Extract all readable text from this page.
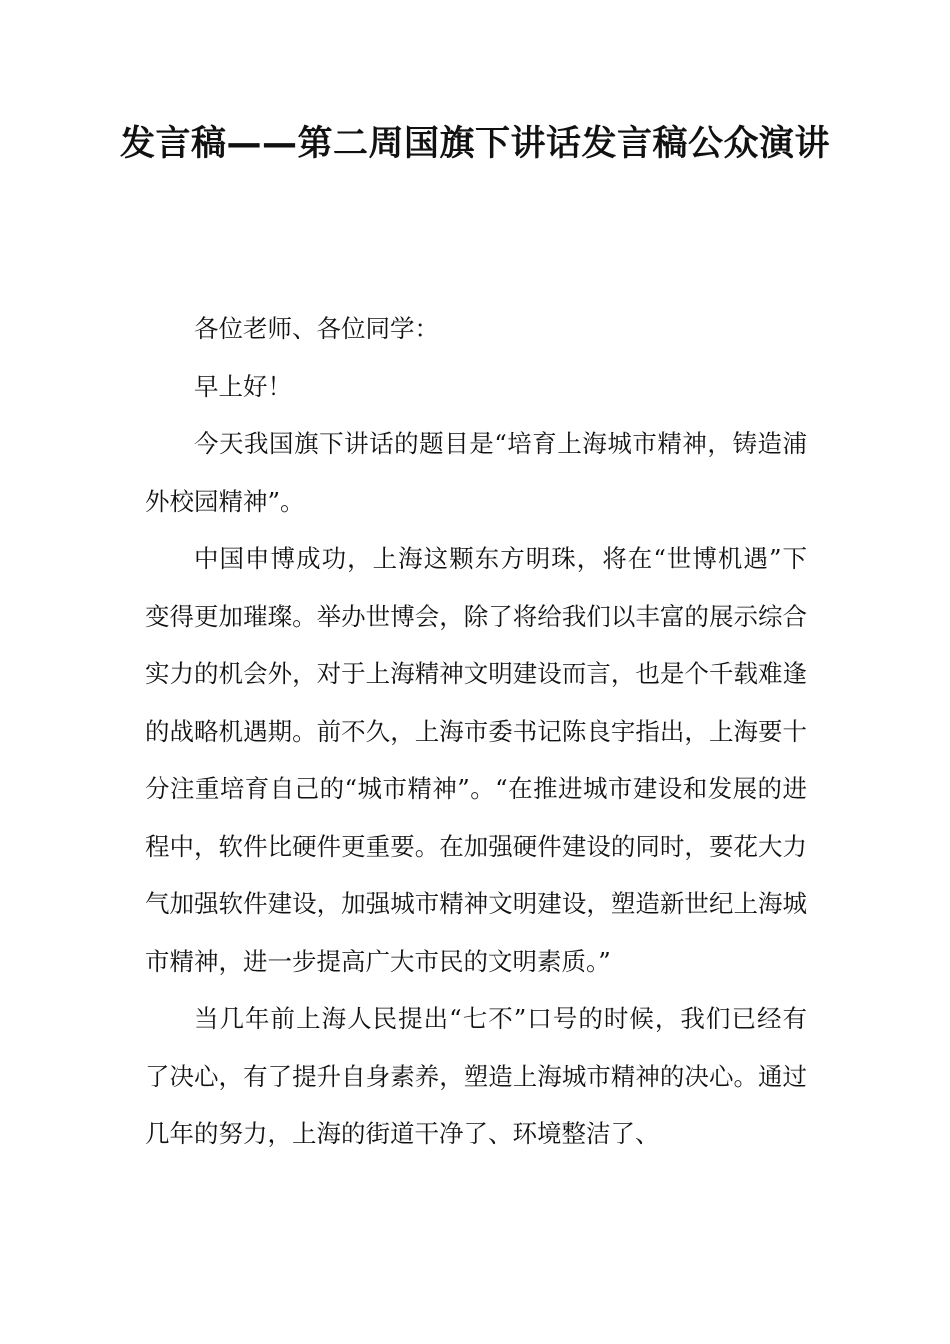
发言稿——第二周国旗下讲话发言稿公众演讲

各位老师、各位同学：

早上好！

今天我国旗下讲话的题目是“培育上海城市精神，铸造浦外校园精神”。

中国申博成功，上海这颗东方明珠，将在“世博机遇”下变得更加璀璨。举办世博会，除了将给我们以丰富的展示综合实力的机会外，对于上海精神文明建设而言，也是个千载难逢的战略机遇期。前不久，上海市委书记陈良宇指出，上海要十分注重培育自己的“城市精神”。“在推进城市建设和发展的进程中，软件比硬件更重要。在加强硬件建设的同时，要花大力气加强软件建设，加强城市精神文明建设，塑造新世纪上海城市精神，进一步提高广大市民的文明素质。”

当几年前上海人民提出“七不”口号的时候，我们已经有了决心，有了提升自身素养，塑造上海城市精神的决心。通过几年的努力，上海的街道干净了、环境整洁了、
